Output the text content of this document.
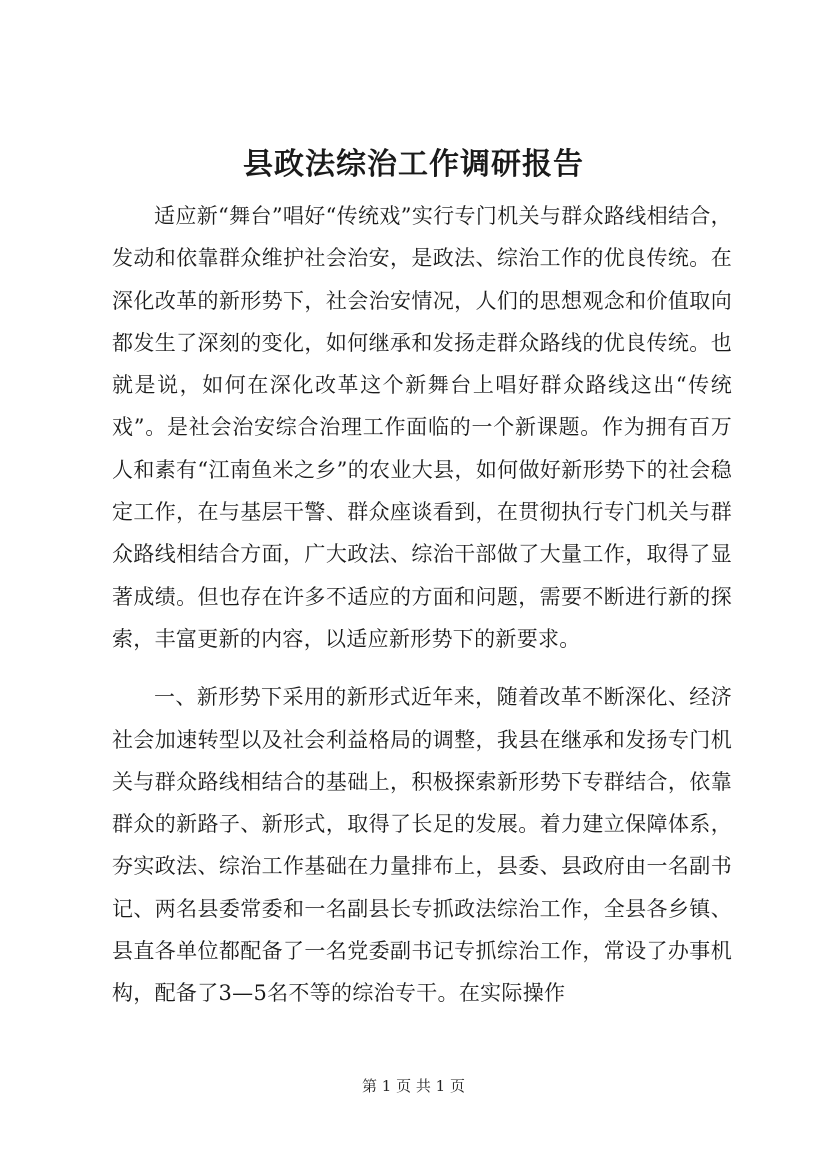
县政法综治工作调研报告

适应新“舞台”唱好“传统戏”实行专门机关与群众路线相结合，发动和依靠群众维护社会治安，是政法、综治工作的优良传统。在深化改革的新形势下，社会治安情况，人们的思想观念和价值取向都发生了深刻的变化，如何继承和发扬走群众路线的优良传统。也就是说，如何在深化改革这个新舞台上唱好群众路线这出“传统戏”。是社会治安综合治理工作面临的一个新课题。作为拥有百万人和素有“江南鱼米之乡”的农业大县，如何做好新形势下的社会稳定工作，在与基层干警、群众座谈看到，在贯彻执行专门机关与群众路线相结合方面，广大政法、综治干部做了大量工作，取得了显著成绩。但也存在许多不适应的方面和问题，需要不断进行新的探索，丰富更新的内容，以适应新形势下的新要求。

一、新形势下采用的新形式近年来，随着改革不断深化、经济社会加速转型以及社会利益格局的调整，我县在继承和发扬专门机关与群众路线相结合的基础上，积极探索新形势下专群结合，依靠群众的新路子、新形式，取得了长足的发展。着力建立保障体系，夯实政法、综治工作基础在力量排布上，县委、县政府由一名副书记、两名县委常委和一名副县长专抓政法综治工作，全县各乡镇、县直各单位都配备了一名党委副书记专抓综治工作，常设了办事机构，配备了3—5名不等的综治专干。在实际操作

第 1 页 共 1 页
